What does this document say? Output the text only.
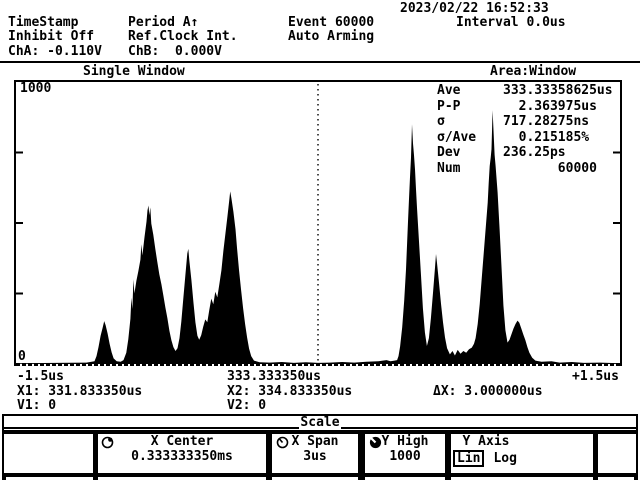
2023/02/22 16:52:33
TimeStamp	Period A↑	Event 60000	Interval 0.0us
Inhibit Off	Ref.Clock Int.	Auto Arming
ChA: -0.110V ChB:  0.000V
Single Window	Area:Window
1000
0
Ave	333.33358625us
P-P	2.363975us
σ	717.28275ns
σ/Ave  0.215185%
Dev	236.25ps
Num	60000
-1.5us	333.333350us	+1.5us
X1: 331.833350us	X2: 334.833350us	ΔX: 3.000000us
V1: 0	V2: 0
Scale
X Center
0.333333350ms
X Span
3us
Y High
1000
Y Axis
Lin Log
